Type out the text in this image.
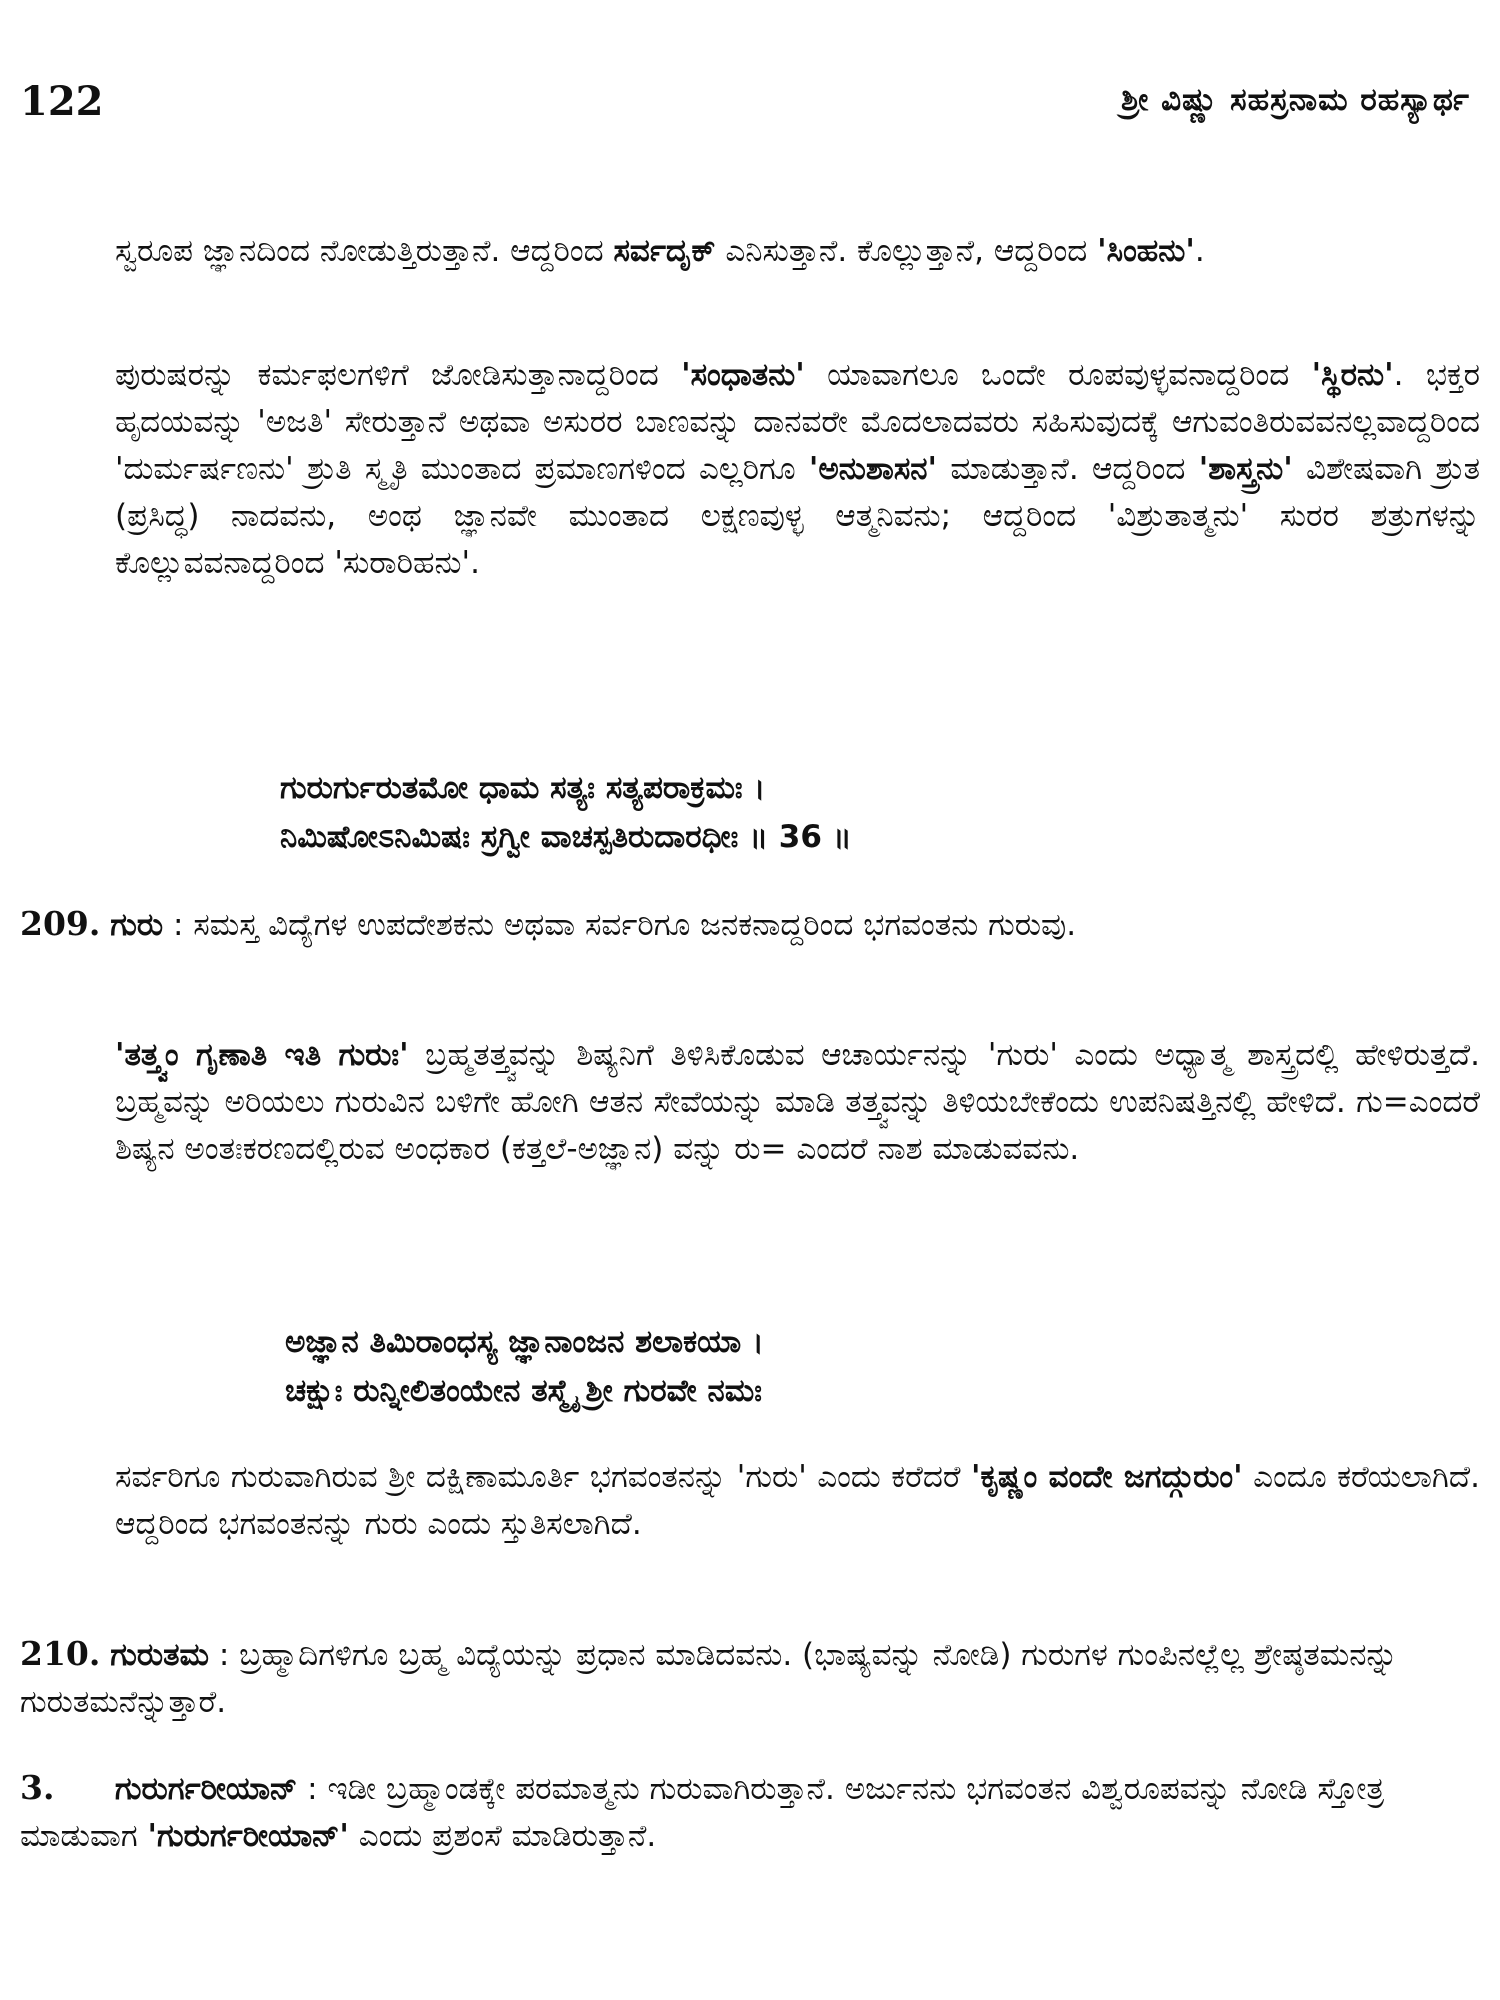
122	ಶ್ರೀ ವಿಷ್ಣು ಸಹಸ್ರನಾಮ ರಹಸ್ಯಾರ್ಥ
ಸ್ವರೂಪ ಜ್ಞಾನದಿಂದ ನೋಡುತ್ತಿರುತ್ತಾನೆ. ಆದ್ದರಿಂದ ಸರ್ವದೃಕ್ ಎನಿಸುತ್ತಾನೆ. ಕೊಲ್ಲುತ್ತಾನೆ, ಆದ್ದರಿಂದ 'ಸಿಂಹನು'.
ಪುರುಷರನ್ನು ಕರ್ಮಫಲಗಳಿಗೆ ಜೋಡಿಸುತ್ತಾನಾದ್ದರಿಂದ 'ಸಂಧಾತನು' ಯಾವಾಗಲೂ ಒಂದೇ ರೂಪವುಳ್ಳವನಾದ್ದರಿಂದ 'ಸ್ಥಿರನು'. ಭಕ್ತರ ಹೃದಯವನ್ನು 'ಅಜತಿ' ಸೇರುತ್ತಾನೆ ಅಥವಾ ಅಸುರರ ಬಾಣವನ್ನು ದಾನವರೇ ಮೊದಲಾದವರು ಸಹಿಸುವುದಕ್ಕೆ ಆಗುವಂತಿರುವವನಲ್ಲವಾದ್ದರಿಂದ 'ದುರ್ಮರ್ಷಣನು' ಶ್ರುತಿ ಸ್ಮೃತಿ ಮುಂತಾದ ಪ್ರಮಾಣಗಳಿಂದ ಎಲ್ಲರಿಗೂ 'ಅನುಶಾಸನ' ಮಾಡುತ್ತಾನೆ. ಆದ್ದರಿಂದ 'ಶಾಸ್ತ್ರನು' ವಿಶೇಷವಾಗಿ ಶ್ರುತ (ಪ್ರಸಿದ್ಧ) ನಾದವನು, ಅಂಥ ಜ್ಞಾನವೇ ಮುಂತಾದ ಲಕ್ಷಣವುಳ್ಳ ಆತ್ಮನಿವನು; ಆದ್ದರಿಂದ 'ವಿಶ್ರುತಾತ್ಮನು' ಸುರರ ಶತ್ರುಗಳನ್ನು ಕೊಲ್ಲುವವನಾದ್ದರಿಂದ 'ಸುರಾರಿಹನು'.
ಗುರುರ್ಗುರುತಮೋ ಧಾಮ ಸತ್ಯಃ ಸತ್ಯಪರಾಕ್ರಮಃ ।
ನಿಮಿಷೋಽನಿಮಿಷಃ ಸ್ರಗ್ವೀ ವಾಚಸ್ಪತಿರುದಾರಧೀಃ ॥ 36 ॥
209. ಗುರು : ಸಮಸ್ತ ವಿದ್ಯೆಗಳ ಉಪದೇಶಕನು ಅಥವಾ ಸರ್ವರಿಗೂ ಜನಕನಾದ್ದರಿಂದ ಭಗವಂತನು ಗುರುವು.
'ತತ್ತ್ವಂ ಗೃಣಾತಿ ಇತಿ ಗುರುಃ' ಬ್ರಹ್ಮತತ್ತ್ವವನ್ನು ಶಿಷ್ಯನಿಗೆ ತಿಳಿಸಿಕೊಡುವ ಆಚಾರ್ಯನನ್ನು 'ಗುರು' ಎಂದು ಅಧ್ಯಾತ್ಮ ಶಾಸ್ತ್ರದಲ್ಲಿ ಹೇಳಿರುತ್ತದೆ. ಬ್ರಹ್ಮವನ್ನು ಅರಿಯಲು ಗುರುವಿನ ಬಳಿಗೇ ಹೋಗಿ ಆತನ ಸೇವೆಯನ್ನು ಮಾಡಿ ತತ್ತ್ವವನ್ನು ತಿಳಿಯಬೇಕೆಂದು ಉಪನಿಷತ್ತಿನಲ್ಲಿ ಹೇಳಿದೆ. ಗು=ಎಂದರೆ ಶಿಷ್ಯನ ಅಂತಃಕರಣದಲ್ಲಿರುವ ಅಂಧಕಾರ (ಕತ್ತಲೆ-ಅಜ್ಞಾನ) ವನ್ನು ರು= ಎಂದರೆ ನಾಶ ಮಾಡುವವನು.
ಅಜ್ಞಾನ ತಿಮಿರಾಂಧಸ್ಯ ಜ್ಞಾನಾಂಜನ ಶಲಾಕಯಾ ।
ಚಕ್ಷುಃ ರುನ್ನೀಲಿತಂಯೇನ ತಸ್ಮೈ ಶ್ರೀ ಗುರವೇ ನಮಃ
ಸರ್ವರಿಗೂ ಗುರುವಾಗಿರುವ ಶ್ರೀ ದಕ್ಷಿಣಾಮೂರ್ತಿ ಭಗವಂತನನ್ನು 'ಗುರು' ಎಂದು ಕರೆದರೆ 'ಕೃಷ್ಣಂ ವಂದೇ ಜಗದ್ಗುರುಂ' ಎಂದೂ ಕರೆಯಲಾಗಿದೆ. ಆದ್ದರಿಂದ ಭಗವಂತನನ್ನು ಗುರು ಎಂದು ಸ್ತುತಿಸಲಾಗಿದೆ.
210. ಗುರುತಮ : ಬ್ರಹ್ಮಾದಿಗಳಿಗೂ ಬ್ರಹ್ಮ ವಿದ್ಯೆಯನ್ನು ಪ್ರಧಾನ ಮಾಡಿದವನು. (ಭಾಷ್ಯವನ್ನು ನೋಡಿ) ಗುರುಗಳ ಗುಂಪಿನಲ್ಲೆಲ್ಲ ಶ್ರೇಷ್ಠತಮನನ್ನು ಗುರುತಮನೆನ್ನುತ್ತಾರೆ.
3. ಗುರುರ್ಗರೀಯಾನ್ : ಇಡೀ ಬ್ರಹ್ಮಾಂಡಕ್ಕೇ ಪರಮಾತ್ಮನು ಗುರುವಾಗಿರುತ್ತಾನೆ. ಅರ್ಜುನನು ಭಗವಂತನ ವಿಶ್ವರೂಪವನ್ನು ನೋಡಿ ಸ್ತೋತ್ರ ಮಾಡುವಾಗ 'ಗುರುರ್ಗರೀಯಾನ್' ಎಂದು ಪ್ರಶಂಸೆ ಮಾಡಿರುತ್ತಾನೆ.
